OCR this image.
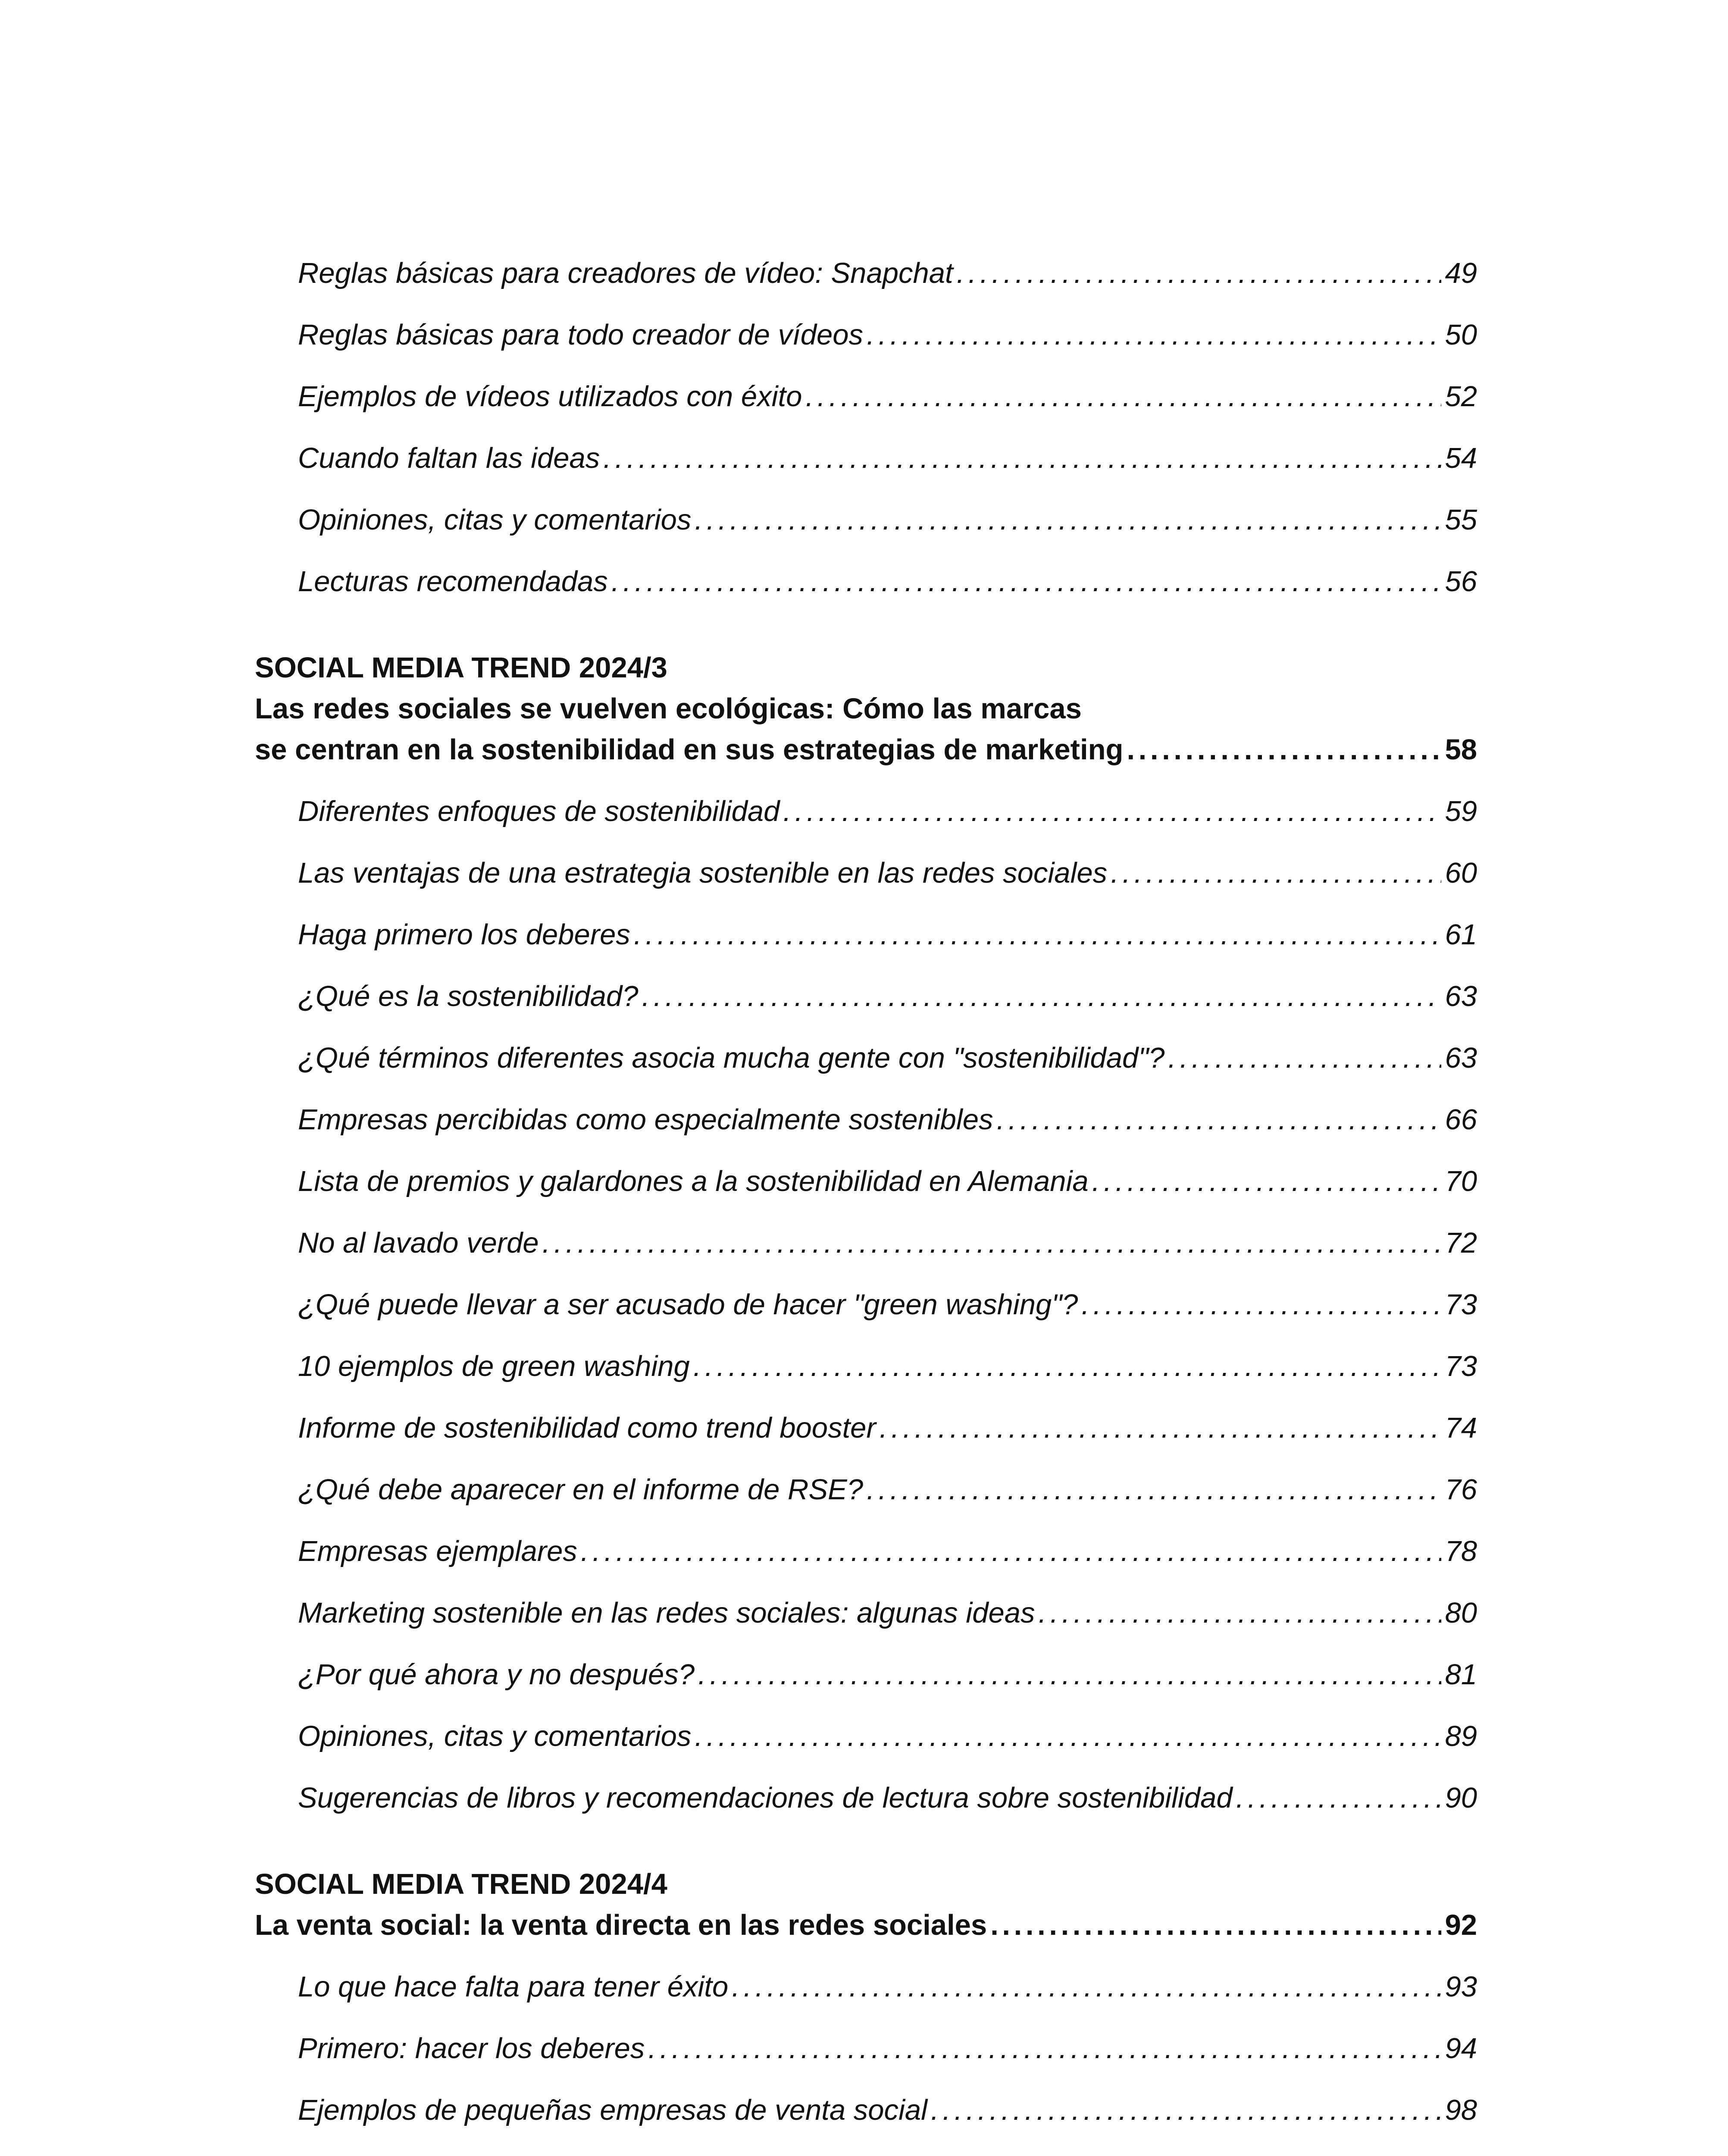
Reglas básicas para creadores de vídeo: Snapchat . . .	49
Reglas básicas para todo creador de vídeos . . .	50
Ejemplos de vídeos utilizados con éxito . . .	52
Cuando faltan las ideas . . .	54
Opiniones, citas y comentarios . . .	55
Lecturas recomendadas . . .	56
SOCIAL MEDIA TREND 2024/3
Las redes sociales se vuelven ecológicas: Cómo las marcas
se centran en la sostenibilidad en sus estrategias de marketing . . .	58
Diferentes enfoques de sostenibilidad . . .	59
Las ventajas de una estrategia sostenible en las redes sociales . . .	60
Haga primero los deberes . . .	61
¿Qué es la sostenibilidad? . . .	63
¿Qué términos diferentes asocia mucha gente con "sostenibilidad"? . . .	63
Empresas percibidas como especialmente sostenibles . . .	66
Lista de premios y galardones a la sostenibilidad en Alemania . . .	70
No al lavado verde . . .	72
¿Qué puede llevar a ser acusado de hacer "green washing"? . . .	73
10 ejemplos de green washing . . .	73
Informe de sostenibilidad como trend booster . . .	74
¿Qué debe aparecer en el informe de RSE? . . .	76
Empresas ejemplares . . .	78
Marketing sostenible en las redes sociales: algunas ideas . . .	80
¿Por qué ahora y no después? . . .	81
Opiniones, citas y comentarios . . .	89
Sugerencias de libros y recomendaciones de lectura sobre sostenibilidad . . .	90
SOCIAL MEDIA TREND 2024/4
La venta social: la venta directa en las redes sociales . . .	92
Lo que hace falta para tener éxito . . .	93
Primero: hacer los deberes . . .	94
Ejemplos de pequeñas empresas de venta social . . .	98
